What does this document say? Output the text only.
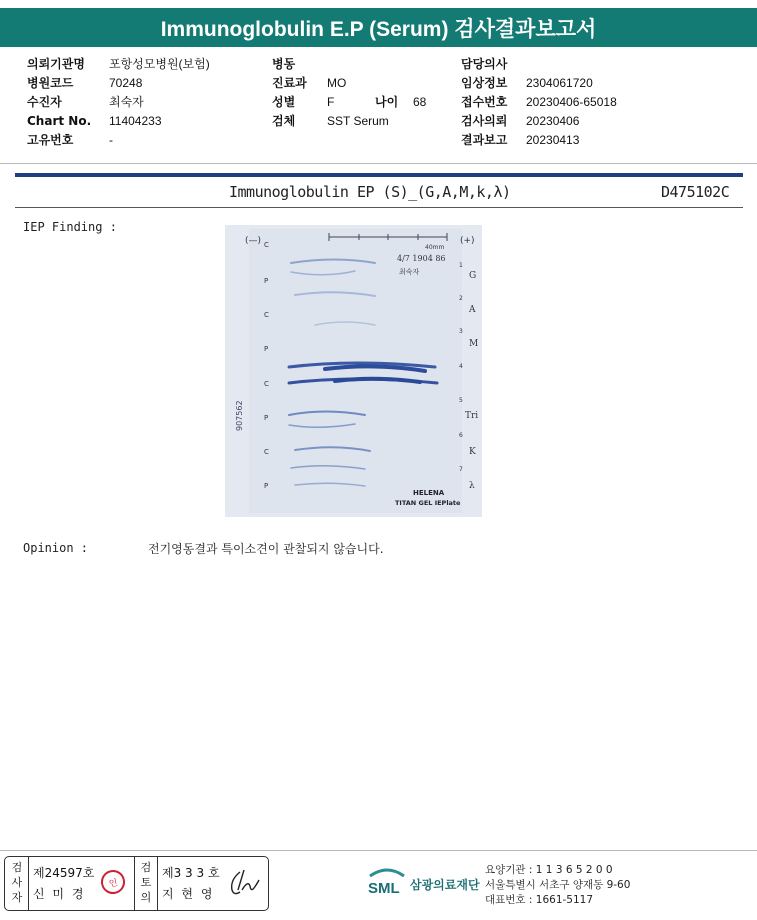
Immunoglobulin E.P (Serum) 검사결과보고서
의뢰기관명 포항성모병원(보험)
병원코드	70248
수진자	최숙자
Chart No. 11404233
고유번호	-
병동
진료과 MO
성별	F	나이 68
검체	SST Serum
담당의사
임상정보 2304061720
접수번호 20230406-65018
검사의뢰 20230406
결과보고 20230413
Immunoglobulin EP (S)_(G,A,M,k,λ)	D475102C
IEP Finding :
(—)	(+)
40mm
4/7 1904 86
최숙자
907562
C
P
C
P
C
P
C
P
1
2
3
4
5
6
7
G
A
M
Tri
K
λ
HELENA
TITAN GEL IEPlate
Opinion :	전기영동결과 특이소견이 관찰되지 않습니다.
검
사
자
검
토
의
제24597호
신 미 경
인
제3 3 3 호
지 현 영	SML 삼광의료재단
요양기관 : 1 1 3 6 5 2 0 0
서울특별시 서초구 양재동 9-60
대표번호 : 1661-5117
